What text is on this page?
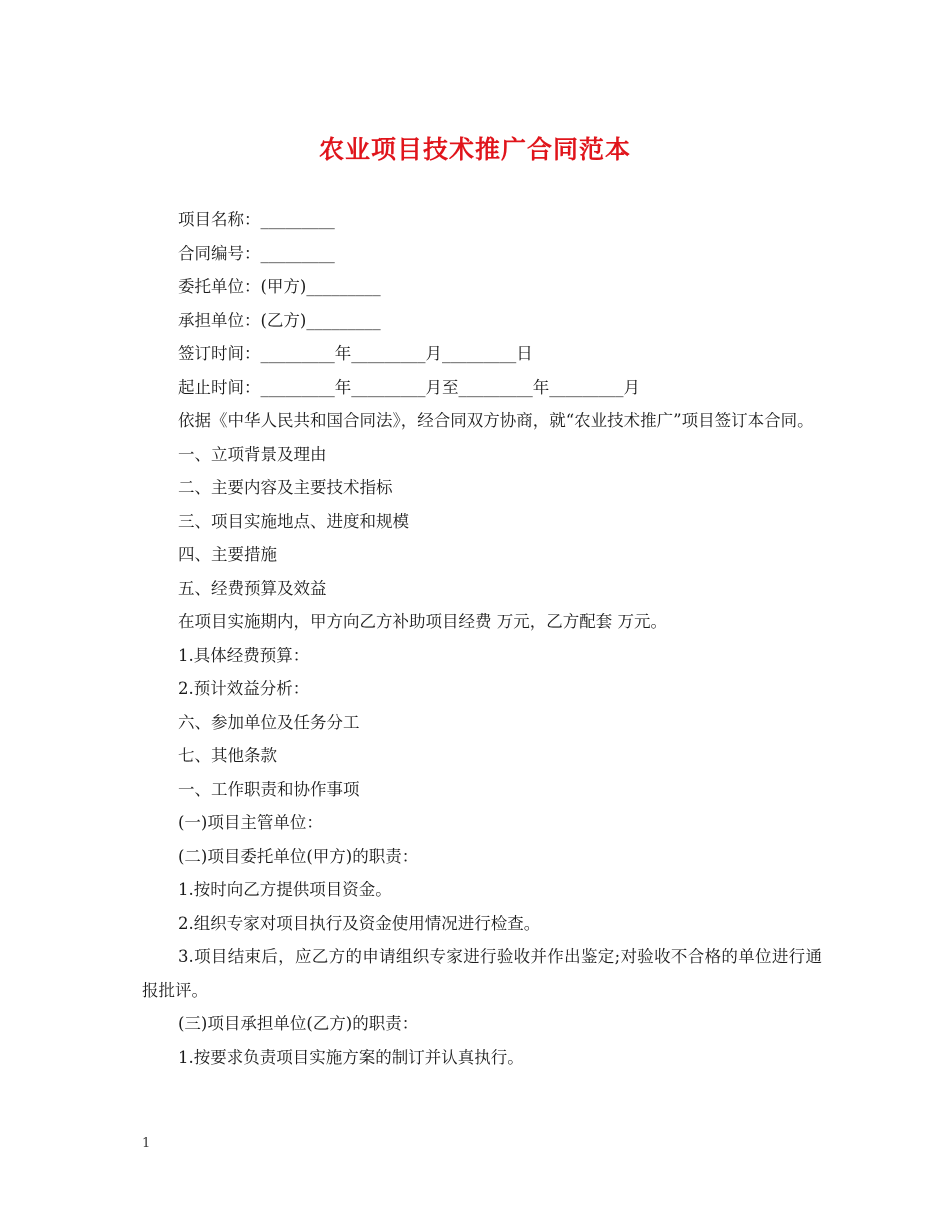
农业项目技术推广合同范本

项目名称：_________

合同编号：_________

委托单位：(甲方)_________

承担单位：(乙方)_________

签订时间：_________年_________月_________日

起止时间：_________年_________月至_________年_________月

依据《中华人民共和国合同法》，经合同双方协商，就“农业技术推广”项目签订本合同。

一、立项背景及理由

二、主要内容及主要技术指标

三、项目实施地点、进度和规模

四、主要措施

五、经费预算及效益

在项目实施期内，甲方向乙方补助项目经费 万元，乙方配套 万元。

1.具体经费预算：

2.预计效益分析：

六、参加单位及任务分工

七、其他条款

一、工作职责和协作事项

(一)项目主管单位：

(二)项目委托单位(甲方)的职责：

1.按时向乙方提供项目资金。

2.组织专家对项目执行及资金使用情况进行检查。

3.项目结束后，应乙方的申请组织专家进行验收并作出鉴定;对验收不合格的单位进行通报批评。

(三)项目承担单位(乙方)的职责：

1.按要求负责项目实施方案的制订并认真执行。

1
